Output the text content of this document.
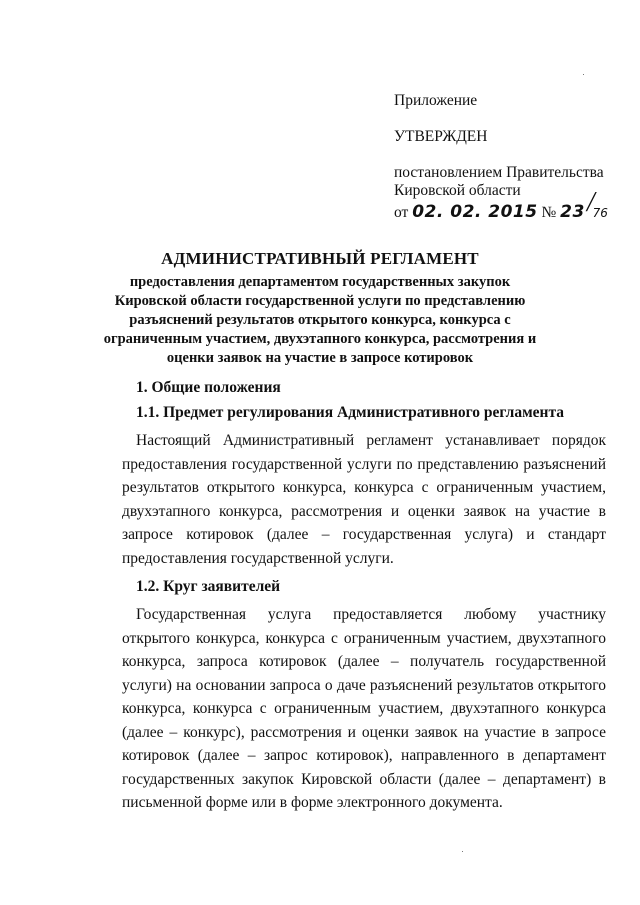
Приложение
УТВЕРЖДЕН
постановлением Правительства
Кировской области
от 02. 02. 2015 № 23/76
АДМИНИСТРАТИВНЫЙ РЕГЛАМЕНТ
предоставления департаментом государственных закупок Кировской области государственной услуги по представлению разъяснений результатов открытого конкурса, конкурса с ограниченным участием, двухэтапного конкурса, рассмотрения и оценки заявок на участие в запросе котировок
1. Общие положения
1.1. Предмет регулирования Административного регламента
Настоящий Административный регламент устанавливает порядок предоставления государственной услуги по представлению разъяснений результатов открытого конкурса, конкурса с ограниченным участием, двухэтапного конкурса, рассмотрения и оценки заявок на участие в запросе котировок (далее – государственная услуга) и стандарт предоставления государственной услуги.
1.2. Круг заявителей
Государственная услуга предоставляется любому участнику открытого конкурса, конкурса с ограниченным участием, двухэтапного конкурса, запроса котировок (далее – получатель государственной услуги) на основании запроса о даче разъяснений результатов открытого конкурса, конкурса с ограниченным участием, двухэтапного конкурса (далее – конкурс), рассмотрения и оценки заявок на участие в запросе котировок (далее – запрос котировок), направленного в департамент государственных закупок Кировской области (далее – департамент) в письменной форме или в форме электронного документа.
